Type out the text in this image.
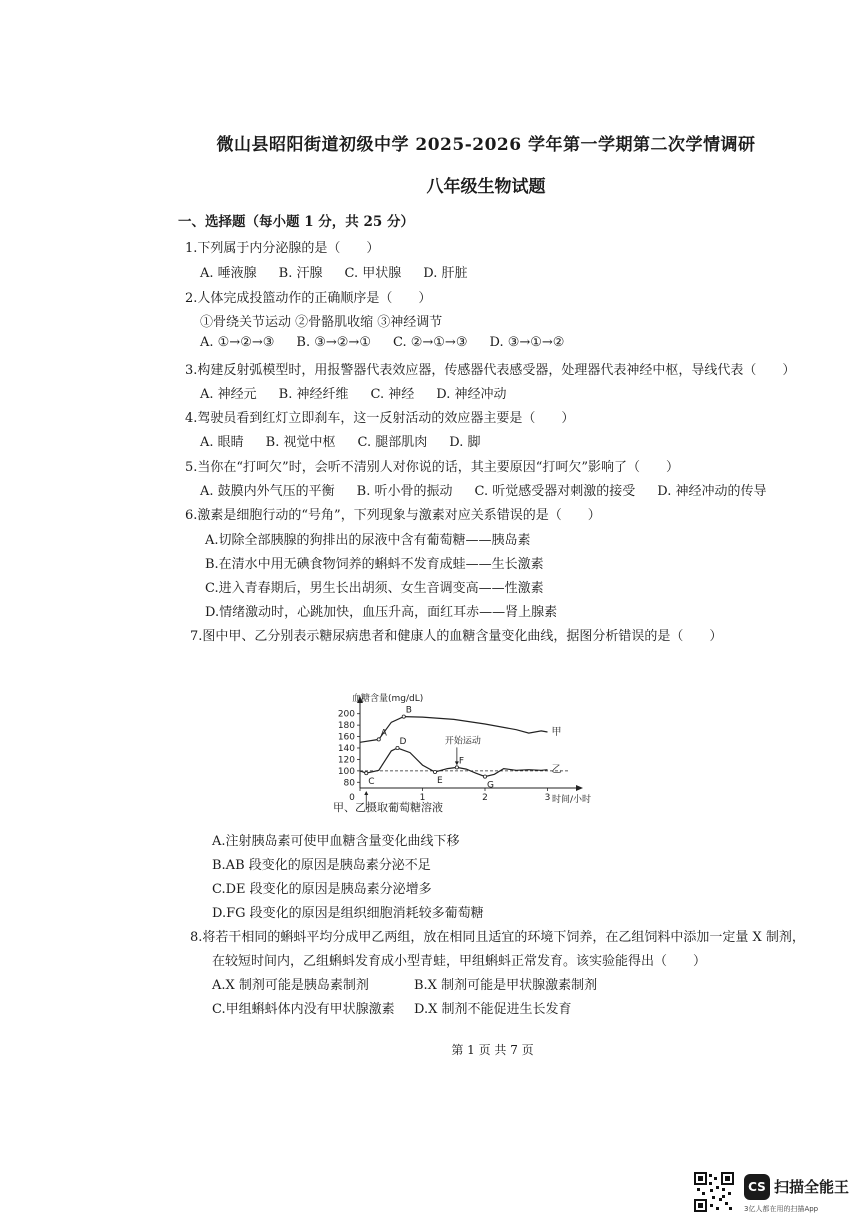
微山县昭阳街道初级中学 2025-2026 学年第一学期第二次学情调研
八年级生物试题
一、选择题（每小题 1 分，共 25 分）
1.下列属于内分泌腺的是（　　）
A. 唾液腺 B. 汗腺 C. 甲状腺 D. 肝脏
2.人体完成投篮动作的正确顺序是（　　）
①骨绕关节运动 ②骨骼肌收缩 ③神经调节
A. ①→②→③ B. ③→②→① C. ②→①→③ D. ③→①→②
3.构建反射弧模型时，用报警器代表效应器，传感器代表感受器，处理器代表神经中枢，导线代表（　　）
A. 神经元 B. 神经纤维 C. 神经 D. 神经冲动
4.驾驶员看到红灯立即刹车，这一反射活动的效应器主要是（　　）
A. 眼睛 B. 视觉中枢 C. 腿部肌肉 D. 脚
5.当你在“打呵欠”时，会听不清别人对你说的话，其主要原因“打呵欠”影响了（　　）
A. 鼓膜内外气压的平衡 B. 听小骨的振动 C. 听觉感受器对刺激的接受 D. 神经冲动的传导
6.激素是细胞行动的“号角”，下列现象与激素对应关系错误的是（　　）
A.切除全部胰腺的狗排出的尿液中含有葡萄糖——胰岛素
B.在清水中用无碘食物饲养的蝌蚪不发育成蛙——生长激素
C.进入青春期后，男生长出胡须、女生音调变高——性激素
D.情绪激动时，心跳加快，血压升高，面红耳赤——肾上腺素
7.图中甲、乙分别表示糖尿病患者和健康人的血糖含量变化曲线，据图分析错误的是（　　）
血糖含量(mg/dL)
时间/小时
80
100
120
140
160
180
200
0	1	2	3
甲
乙
A
B
C
D
E
F
G
开始运动
甲、乙摄取葡萄糖溶液
A.注射胰岛素可使甲血糖含量变化曲线下移
B.AB 段变化的原因是胰岛素分泌不足
C.DE 段变化的原因是胰岛素分泌增多
D.FG 段变化的原因是组织细胞消耗较多葡萄糖
8.将若干相同的蝌蚪平均分成甲乙两组，放在相同且适宜的环境下饲养，在乙组饲料中添加一定量 X 制剂，
在较短时间内，乙组蝌蚪发育成小型青蛙，甲组蝌蚪正常发育。该实验能得出（　　）
A.X 制剂可能是胰岛素制剂	B.X 制剂可能是甲状腺激素制剂
C.甲组蝌蚪体内没有甲状腺激素 D.X 制剂不能促进生长发育
第 1 页 共 7 页
CS 扫描全能王
3亿人都在用的扫描App
